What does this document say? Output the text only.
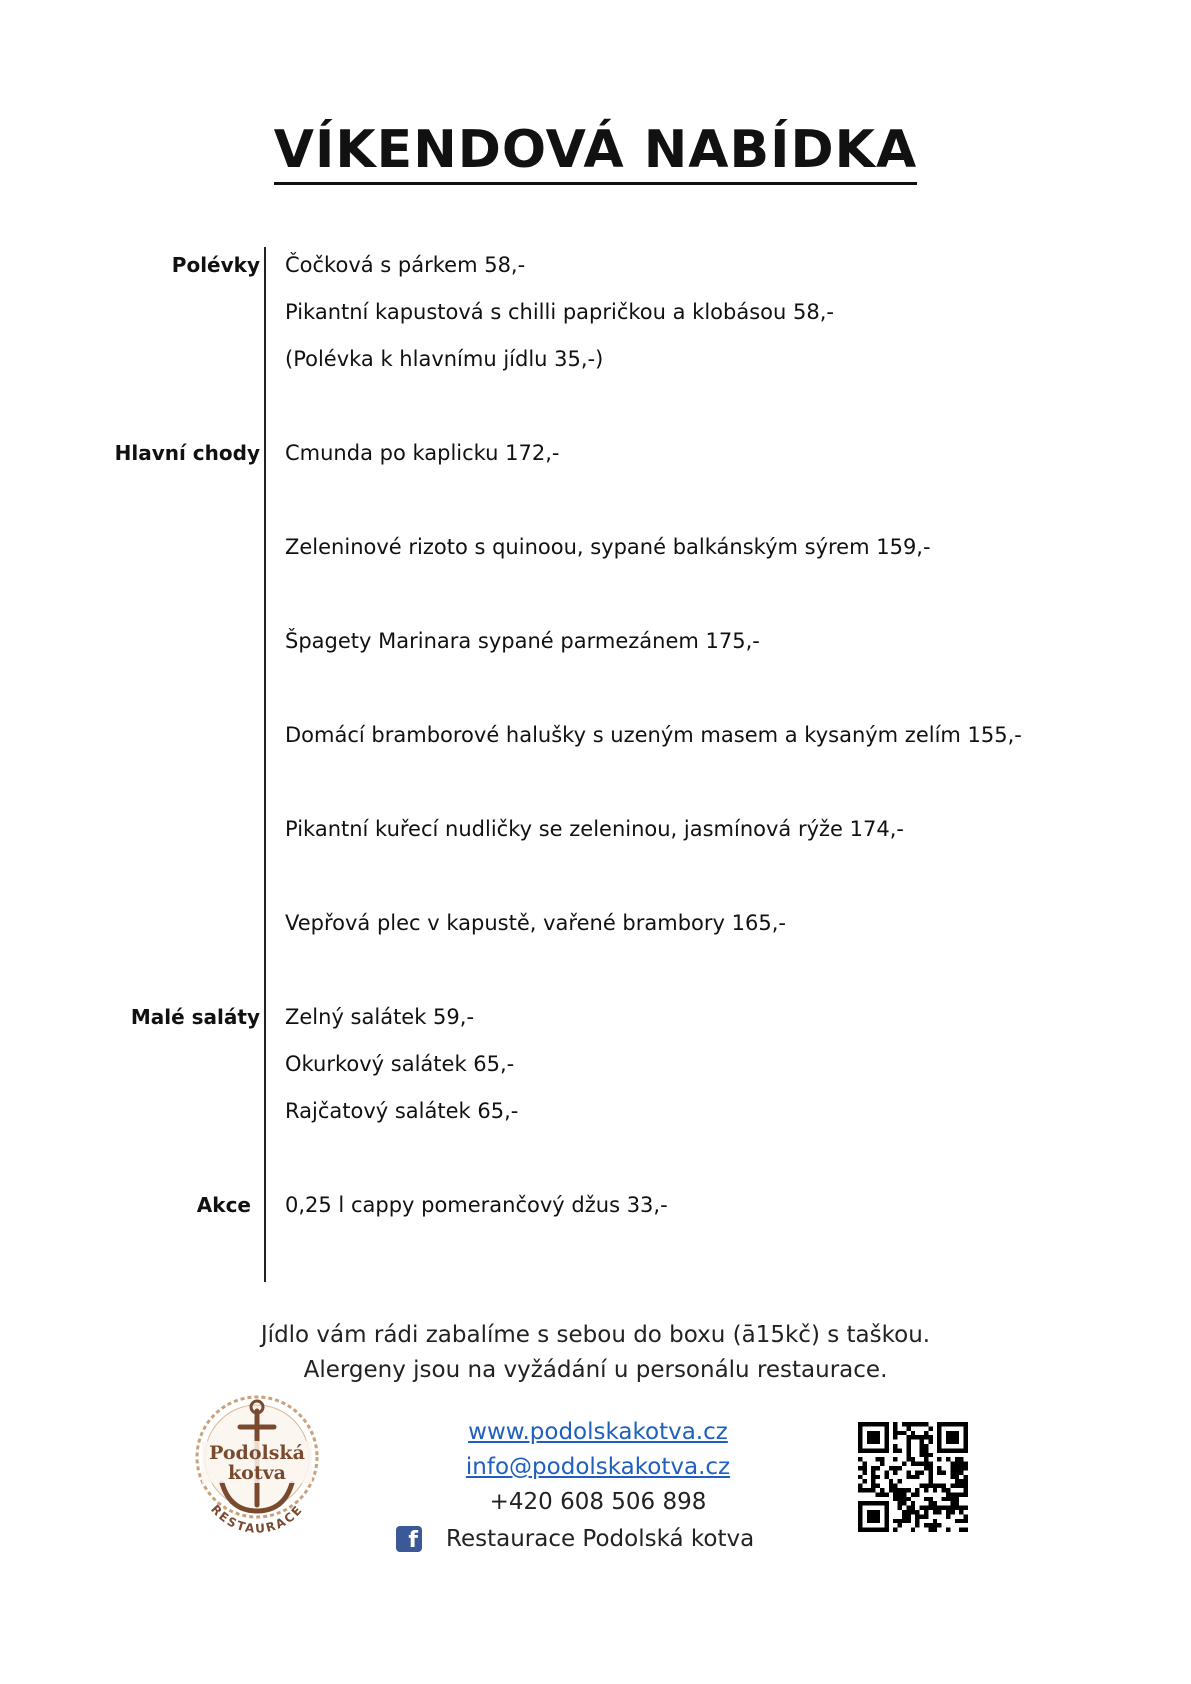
VÍKENDOVÁ NABÍDKA
Polévky Čočková s párkem 58,-
Pikantní kapustová s chilli papričkou a klobásou 58,-
(Polévka k hlavnímu jídlu 35,-)
Hlavní chody Cmunda po kaplicku 172,-
Zeleninové rizoto s quinoou, sypané balkánským sýrem 159,-
Špagety Marinara sypané parmezánem 175,-
Domácí bramborové halušky s uzeným masem a kysaným zelím 155,-
Pikantní kuřecí nudličky se zeleninou, jasmínová rýže 174,-
Vepřová plec v kapustě, vařené brambory 165,-
Malé saláty Zelný salátek 59,-
Okurkový salátek 65,-
Rajčatový salátek 65,-
Akce 0,25 l cappy pomerančový džus 33,-
Jídlo vám rádi zabalíme s sebou do boxu (ā15kč) s taškou.
Alergeny jsou na vyžádání u personálu restaurace.
Podolská
kotva
RESTAURACE
www.podolskakotva.cz
info@podolskakotva.cz
+420 608 506 898
f Restaurace Podolská kotva
